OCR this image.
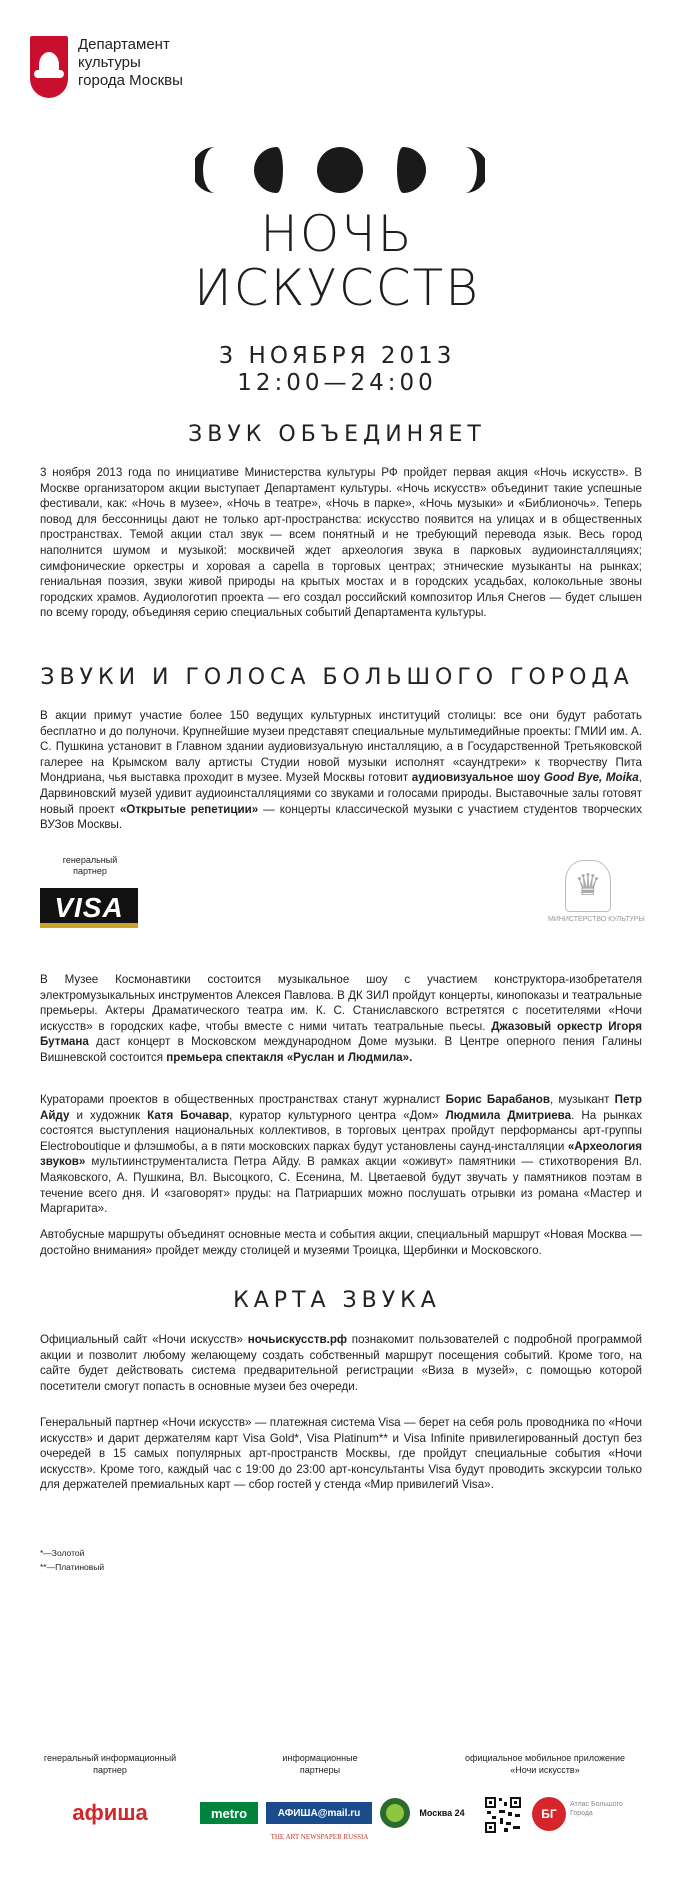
Департамент
культуры
города Москвы
НОЧЬ
ИСКУССТВ
3 НОЯБРЯ 2013
12:00—24:00
ЗВУК ОБЪЕДИНЯЕТ
3 ноября 2013 года по инициативе Министерства культуры РФ пройдет первая акция «Ночь искусств». В Москве организатором акции выступает Департамент культуры. «Ночь искусств» объединит такие успешные фестивали, как: «Ночь в музее», «Ночь в театре», «Ночь в парке», «Ночь музыки» и «Библионочь». Теперь повод для бессонницы дают не только арт-пространства: искусство появится на улицах и в общественных пространствах. Темой акции стал звук — всем понятный и не требующий перевода язык. Весь город наполнится шумом и музыкой: москвичей ждет археология звука в парковых аудиоинсталляциях; симфонические оркестры и хоровая a capella в торговых центрах; этнические музыканты на рынках; гениальная поэзия, звуки живой природы на крытых мостах и в городских усадьбах, колокольные звоны городских храмов. Аудиологотип проекта — его создал российский композитор Илья Снегов — будет слышен по всему городу, объединяя серию специальных событий Департамента культуры.
ЗВУКИ И ГОЛОСА БОЛЬШОГО ГОРОДА
В акции примут участие более 150 ведущих культурных институций столицы: все они будут работать бесплатно и до полуночи. Крупнейшие музеи представят специальные мультимедийные проекты: ГМИИ им. А. С. Пушкина установит в Главном здании аудиовизуальную инсталляцию, а в Государственной Третьяковской галерее на Крымском валу артисты Студии новой музыки исполнят «саундтреки» к творчеству Пита Мондриана, чья выставка проходит в музее. Музей Москвы готовит аудиовизуальное шоу Good Bye, Moika, Дарвиновский музей удивит аудиоинсталляциями со звуками и голосами природы. Выставочные залы готовят новый проект «Открытые репетиции» — концерты классической музыки с участием студентов творческих ВУЗов Москвы.
генеральный
партнер
VISA
♛
МИНИСТЕРСТВО КУЛЬТУРЫ
В Музее Космонавтики состоится музыкальное шоу с участием конструктора-изобретателя электромузыкальных инструментов Алексея Павлова. В ДК ЗИЛ пройдут концерты, кинопоказы и театральные премьеры. Актеры Драматического театра им. К. С. Станиславского встретятся с посетителями «Ночи искусств» в городских кафе, чтобы вместе с ними читать театральные пьесы. Джазовый оркестр Игоря Бутмана даст концерт в Московском международном Доме музыки. В Центре оперного пения Галины Вишневской состоится премьера спектакля «Руслан и Людмила».
Кураторами проектов в общественных пространствах станут журналист Борис Барабанов, музыкант Петр Айду и художник Катя Бочавар, куратор культурного центра «Дом» Людмила Дмитриева. На рынках состоятся выступления национальных коллективов, в торговых центрах пройдут перформансы арт-группы Electroboutique и флэшмобы, а в пяти московских парках будут установлены саунд-инсталляции «Археология звуков» мультиинструменталиста Петра Айду. В рамках акции «оживут» памятники — стихотворения Вл. Маяковского, А. Пушкина, Вл. Высоцкого, С. Есенина, М. Цветаевой будут звучать у памятников поэтам в течение всего дня. И «заговорят» пруды: на Патриарших можно послушать отрывки из романа «Мастер и Маргарита».
Автобусные маршруты объединят основные места и события акции, специальный маршрут «Новая Москва — достойно внимания» пройдет между столицей и музеями Троицка, Щербинки и Московского.
КАРТА ЗВУКА
Официальный сайт «Ночи искусств» ночьискусств.рф познакомит пользователей с подробной программой акции и позволит любому желающему создать собственный маршрут посещения событий. Кроме того, на сайте будет действовать система предварительной регистрации «Виза в музей», с помощью которой посетители смогут попасть в основные музеи без очереди.
Генеральный партнер «Ночи искусств» — платежная система Visa — берет на себя роль проводника по «Ночи искусств» и дарит держателям карт Visa Gold*, Visa Platinum** и Visa Infinite привилегированный доступ без очередей в 15 самых популярных арт-пространств Москвы, где пройдут специальные события «Ночи искусств». Кроме того, каждый час с 19:00 до 23:00 арт-консультанты Visa будут проводить экскурсии только для держателей премиальных карт — сбор гостей у стенда «Мир привилегий Visa».
*—Золотой
**—Платиновый
генеральный информационный
партнер
информационные
партнеры
официальное мобильное приложение
«Ночи искусств»
афиша	metro	АФИША@mail.ru	Москва 24
THE ART NEWSPAPER RUSSIA
БГ
Атлас Большого Города
